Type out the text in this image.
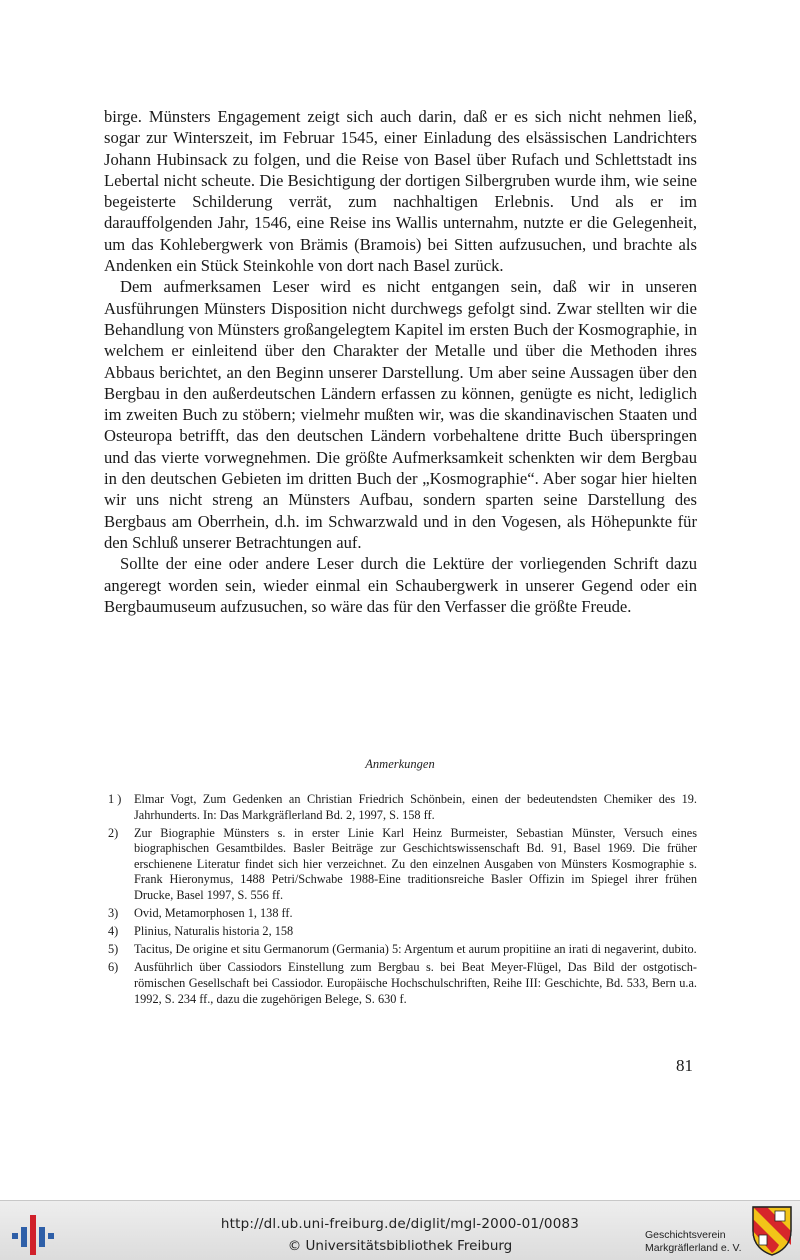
birge. Münsters Engagement zeigt sich auch darin, daß er es sich nicht nehmen ließ, sogar zur Winterszeit, im Februar 1545, einer Einladung des elsässischen Landrichters Johann Hubinsack zu folgen, und die Reise von Basel über Rufach und Schlettstadt ins Lebertal nicht scheute. Die Besichtigung der dortigen Silbergruben wurde ihm, wie seine begeisterte Schilderung verrät, zum nachhaltigen Erlebnis. Und als er im darauffolgenden Jahr, 1546, eine Reise ins Wallis unternahm, nutzte er die Gelegenheit, um das Kohlebergwerk von Brämis (Bramois) bei Sitten aufzusuchen, und brachte als Andenken ein Stück Steinkohle von dort nach Basel zurück.

Dem aufmerksamen Leser wird es nicht entgangen sein, daß wir in unseren Ausführungen Münsters Disposition nicht durchwegs gefolgt sind. Zwar stellten wir die Behandlung von Münsters großangelegtem Kapitel im ersten Buch der Kosmographie, in welchem er einleitend über den Charakter der Metalle und über die Methoden ihres Abbaus berichtet, an den Beginn unserer Darstellung. Um aber seine Aussagen über den Bergbau in den außerdeutschen Ländern erfassen zu können, genügte es nicht, lediglich im zweiten Buch zu stöbern; vielmehr mußten wir, was die skandinavischen Staaten und Osteuropa betrifft, das den deutschen Ländern vorbehaltene dritte Buch überspringen und das vierte vorwegnehmen. Die größte Aufmerksamkeit schenkten wir dem Bergbau in den deutschen Gebieten im dritten Buch der „Kosmographie“. Aber sogar hier hielten wir uns nicht streng an Münsters Aufbau, sondern sparten seine Darstellung des Bergbaus am Oberrhein, d.h. im Schwarzwald und in den Vogesen, als Höhepunkte für den Schluß unserer Betrachtungen auf.

Sollte der eine oder andere Leser durch die Lektüre der vorliegenden Schrift dazu angeregt worden sein, wieder einmal ein Schaubergwerk in unserer Gegend oder ein Bergbaumuseum aufzusuchen, so wäre das für den Verfasser die größte Freude.

Anmerkungen
1 ) Elmar Vogt, Zum Gedenken an Christian Friedrich Schönbein, einen der bedeutendsten Chemiker des 19. Jahrhunderts. In: Das Markgräflerland Bd. 2, 1997, S. 158 ff.
2) Zur Biographie Münsters s. in erster Linie Karl Heinz Burmeister, Sebastian Münster, Versuch eines biographischen Gesamtbildes. Basler Beiträge zur Geschichtswissenschaft Bd. 91, Basel 1969. Die früher erschienene Literatur findet sich hier verzeichnet. Zu den einzelnen Ausgaben von Münsters Kosmographie s. Frank Hieronymus, 1488 Petri/Schwabe 1988-Eine traditionsreiche Basler Offizin im Spiegel ihrer frühen Drucke, Basel 1997, S. 556 ff.
3) Ovid, Metamorphosen 1, 138 ff.
4) Plinius, Naturalis historia 2, 158
5) Tacitus, De origine et situ Germanorum (Germania) 5: Argentum et aurum propitiine an irati di negaverint, dubito.
6) Ausführlich über Cassiodors Einstellung zum Bergbau s. bei Beat Meyer-Flügel, Das Bild der ostgotisch-römischen Gesellschaft bei Cassiodor. Europäische Hochschulschriften, Reihe III: Geschichte, Bd. 533, Bern u.a. 1992, S. 234 ff., dazu die zugehörigen Belege, S. 630 f.
81
http://dl.ub.uni-freiburg.de/diglit/mgl-2000-01/0083
© Universitätsbibliothek Freiburg
Geschichtsverein
Markgräflerland e. V.
